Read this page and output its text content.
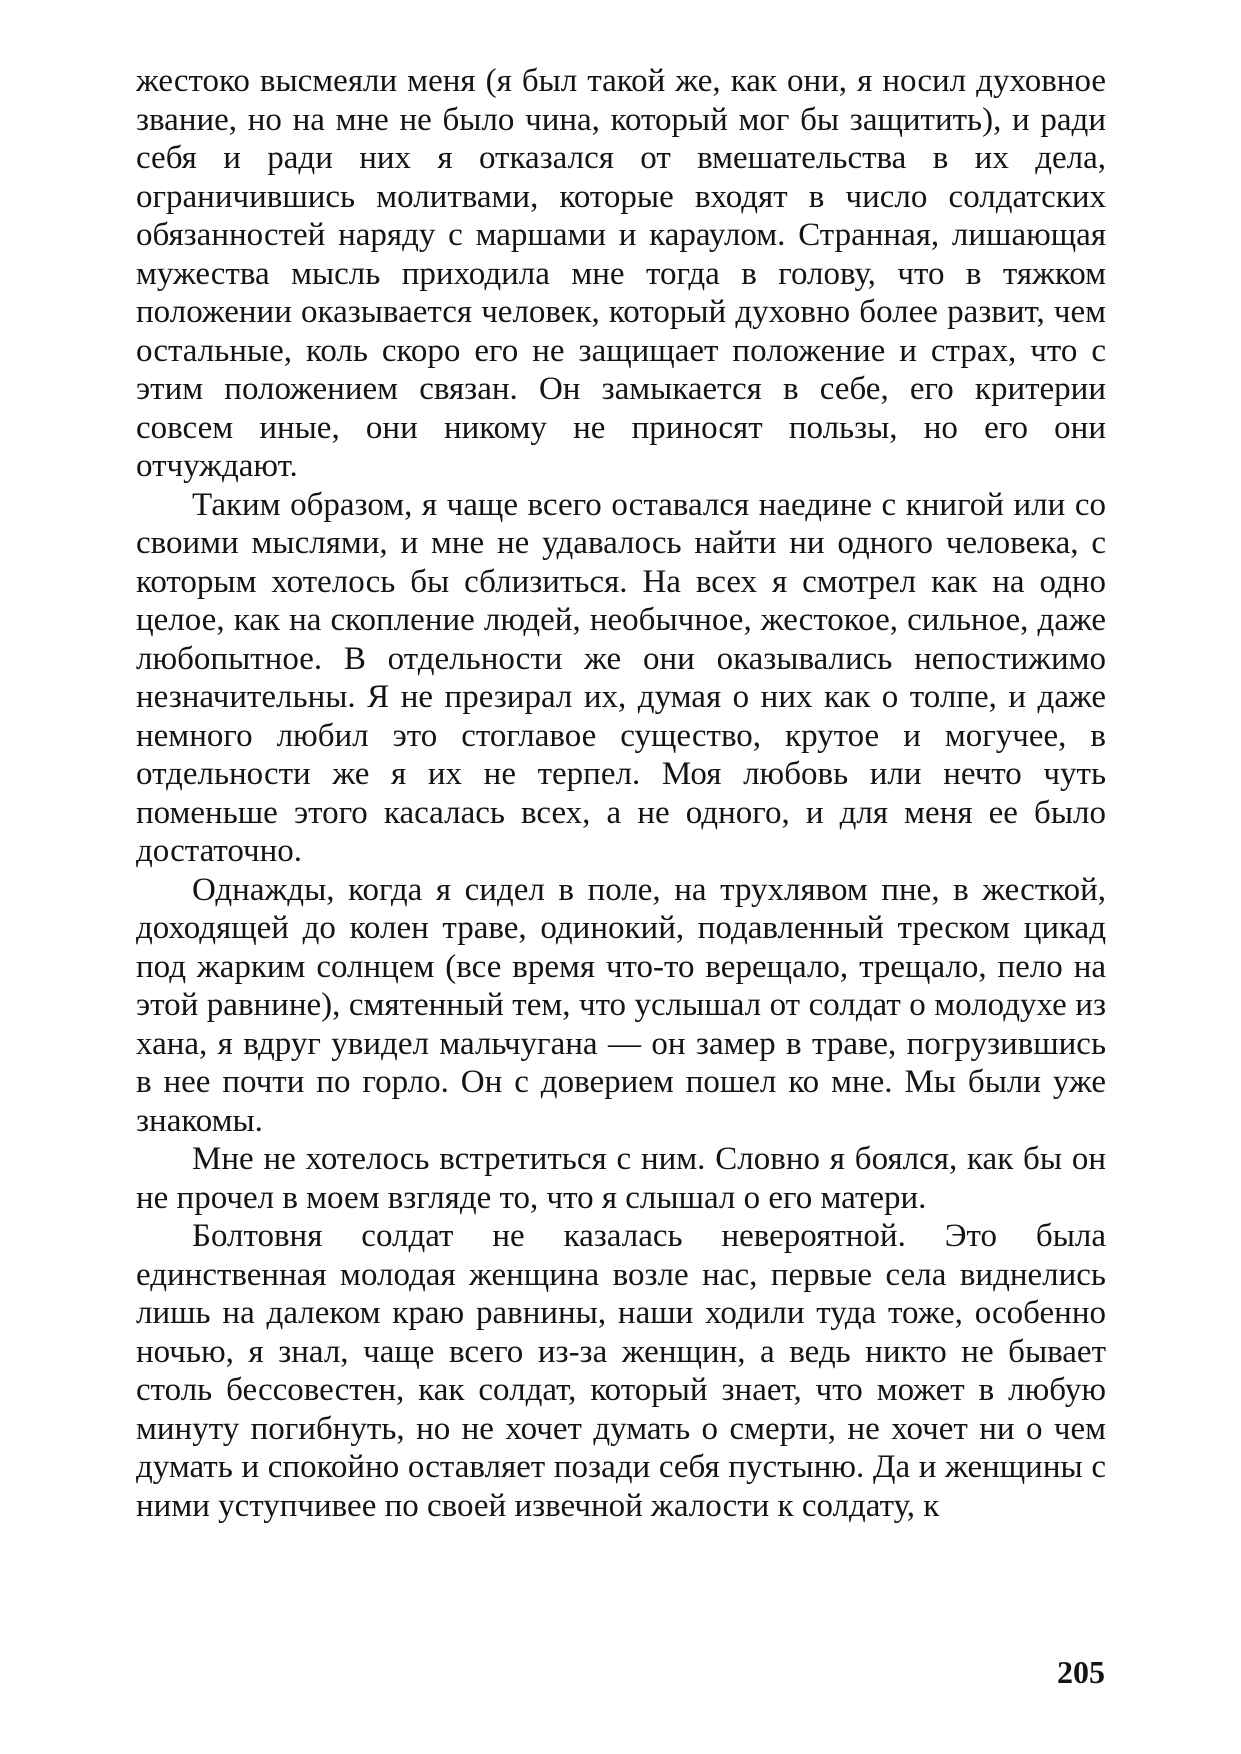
жестоко высмеяли меня (я был такой же, как они, я носил духовное звание, но на мне не было чина, который мог бы защитить), и ради себя и ради них я отказался от вмешательства в их дела, ограничившись молитвами, которые входят в число солдатских обязанностей наряду с маршами и караулом. Странная, лишающая мужества мысль приходила мне тогда в голову, что в тяжком положении оказывается человек, который духовно более развит, чем остальные, коль скоро его не защищает положение и страх, что с этим положением связан. Он замыкается в себе, его критерии совсем иные, они никому не приносят пользы, но его они отчуждают.

Таким образом, я чаще всего оставался наедине с книгой или со своими мыслями, и мне не удавалось найти ни одного человека, с которым хотелось бы сблизиться. На всех я смотрел как на одно целое, как на скопление людей, необычное, жестокое, сильное, даже любопытное. В отдельности же они оказывались непостижимо незначительны. Я не презирал их, думая о них как о толпе, и даже немного любил это стоглавое существо, крутое и могучее, в отдельности же я их не терпел. Моя любовь или нечто чуть поменьше этого касалась всех, а не одного, и для меня ее было достаточно.

Однажды, когда я сидел в поле, на трухлявом пне, в жесткой, доходящей до колен траве, одинокий, подавленный треском цикад под жарким солнцем (все время что-то верещало, трещало, пело на этой равнине), смятенный тем, что услышал от солдат о молодухе из хана, я вдруг увидел мальчугана — он замер в траве, погрузившись в нее почти по горло. Он с доверием пошел ко мне. Мы были уже знакомы.

Мне не хотелось встретиться с ним. Словно я боялся, как бы он не прочел в моем взгляде то, что я слышал о его матери.

Болтовня солдат не казалась невероятной. Это была единственная молодая женщина возле нас, первые села виднелись лишь на далеком краю равнины, наши ходили туда тоже, особенно ночью, я знал, чаще всего из-за женщин, а ведь никто не бывает столь бессовестен, как солдат, который знает, что может в любую минуту погибнуть, но не хочет думать о смерти, не хочет ни о чем думать и спокойно оставляет позади себя пустыню. Да и женщины с ними уступчивее по своей извечной жалости к солдату, к

205
